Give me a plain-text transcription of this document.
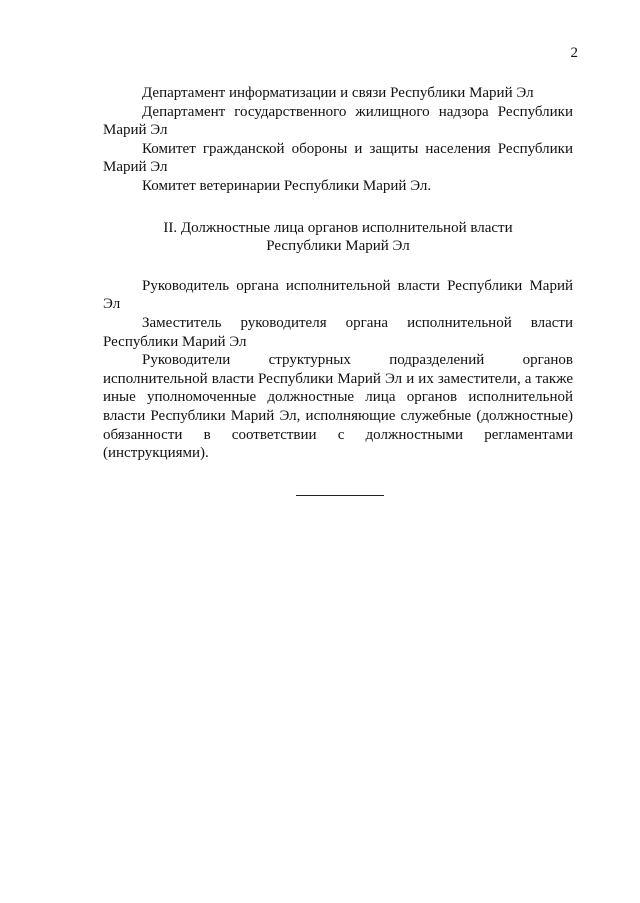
2

Департамент информатизации и связи Республики Марий Эл

Департамент государственного жилищного надзора Республики Марий Эл

Комитет гражданской обороны и защиты населения Республики Марий Эл

Комитет ветеринарии Республики Марий Эл.

II. Должностные лица органов исполнительной власти
Республики Марий Эл

Руководитель органа исполнительной власти Республики Марий Эл

Заместитель руководителя органа исполнительной власти Республики Марий Эл

Руководители структурных подразделений органов исполнительной власти Республики Марий Эл и их заместители, а также иные уполномоченные должностные лица органов исполнительной власти Республики Марий Эл, исполняющие служебные (должностные) обязанности в соответствии с должностными регламентами (инструкциями).
